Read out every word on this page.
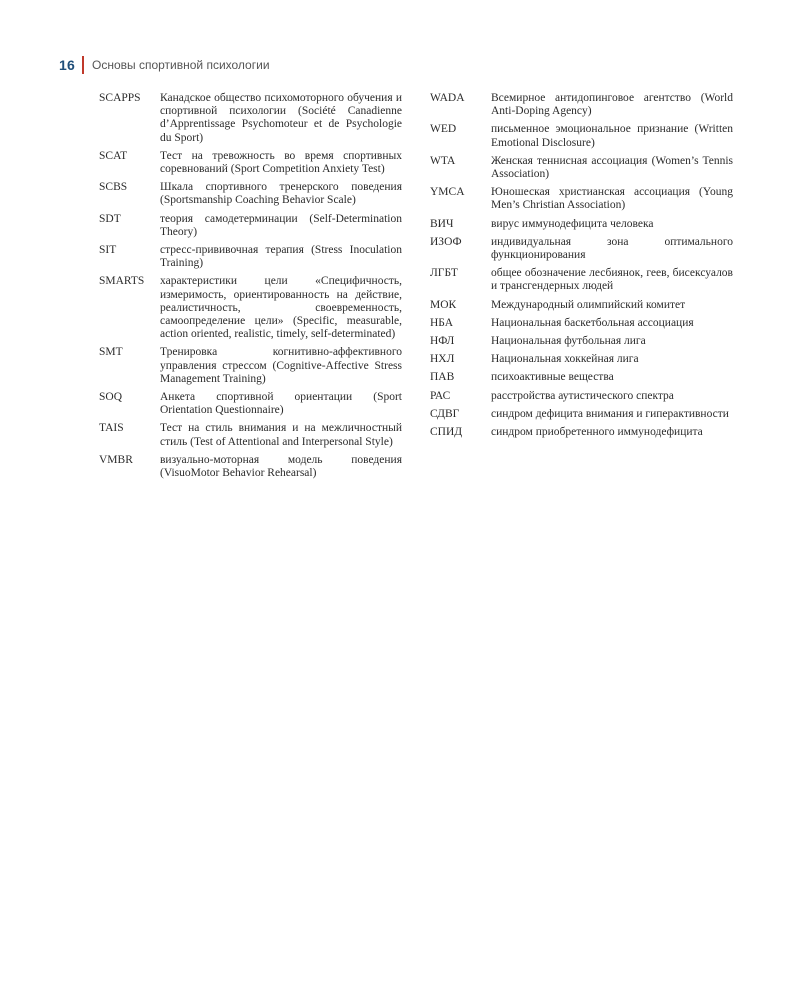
16 Основы спортивной психологии
SCAPPS	Канадское общество психомоторного обучения и спортивной психологии (Société Canadienne d’Apprentissage Psychomoteur et de Psychologie du Sport)
SCAT	Тест на тревожность во время спортивных соревнований (Sport Competition Anxiety Test)
SCBS	Шкала спортивного тренерского поведения (Sportsmanship Coaching Behavior Scale)
SDT	теория самодетерминации (Self-Determination Theory)
SIT	стресс-прививочная терапия (Stress Inoculation Training)
SMARTS	характеристики цели «Специфичность, измеримость, ориентированность на действие, реалистичность, своевременность, самоопределение цели» (Specific, measurable, action oriented, realistic, timely, self-determinated)
SMT	Тренировка когнитивно-аффективного управления стрессом (Cognitive-Affective Stress Management Training)
SOQ	Анкета спортивной ориентации (Sport Orientation Questionnaire)
TAIS	Тест на стиль внимания и на межличностный стиль (Test of Attentional and Interpersonal Style)
VMBR	визуально-моторная модель поведения (VisuoMotor Behavior Rehearsal)
WADA	Всемирное антидопинговое агентство (World Anti-Doping Agency)
WED	письменное эмоциональное признание (Written Emotional Disclosure)
WTA	Женская теннисная ассоциация (Women’s Tennis Association)
YMCA	Юношеская христианская ассоциация (Young Men’s Christian Association)
ВИЧ	вирус иммунодефицита человека
ИЗОФ	индивидуальная зона оптимального функционирования
ЛГБТ	общее обозначение лесбиянок, геев, бисексуалов и трансгендерных людей
МОК	Международный олимпийский комитет
НБА	Национальная баскетбольная ассоциация
НФЛ	Национальная футбольная лига
НХЛ	Национальная хоккейная лига
ПАВ	психоактивные вещества
РАС	расстройства аутистического спектра
СДВГ	синдром дефицита внимания и гиперактивности
СПИД	синдром приобретенного иммунодефицита
